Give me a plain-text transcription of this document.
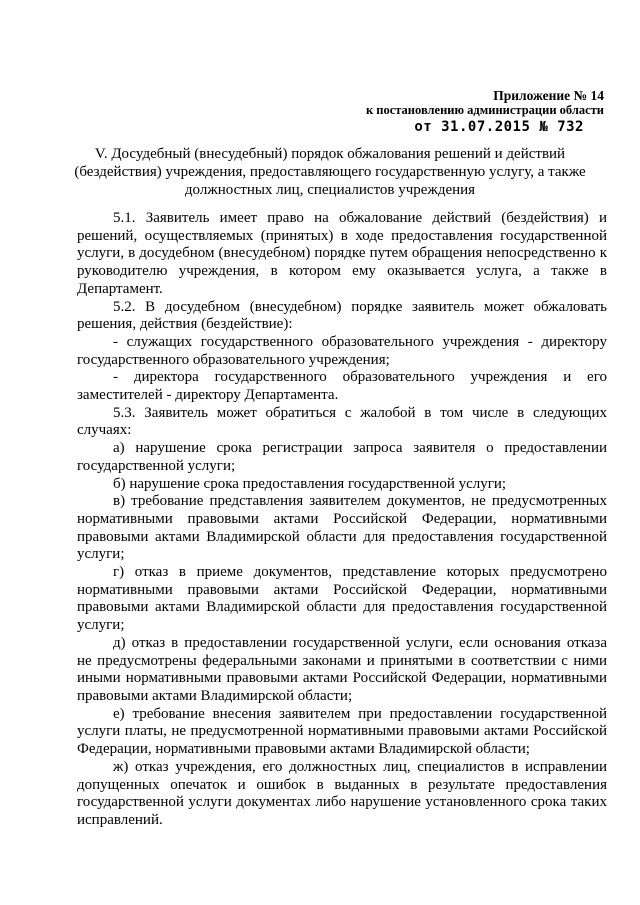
Приложение № 14
к постановлению администрации области
от 31.07.2015 № 732
V. Досудебный (внесудебный) порядок обжалования решений и действий (бездействия) учреждения, предоставляющего государственную услугу, а также должностных лиц, специалистов учреждения

5.1. Заявитель имеет право на обжалование действий (бездействия) и решений, осуществляемых (принятых) в ходе предоставления государственной услуги, в досудебном (внесудебном) порядке путем обращения непосредственно к руководителю учреждения, в котором ему оказывается услуга, а также в Департамент.

5.2. В досудебном (внесудебном) порядке заявитель может обжаловать решения, действия (бездействие):

- служащих государственного образовательного учреждения - директору государственного образовательного учреждения;

- директора государственного образовательного учреждения и его заместителей - директору Департамента.

5.3. Заявитель может обратиться с жалобой в том числе в следующих случаях:

а) нарушение срока регистрации запроса заявителя о предоставлении государственной услуги;

б) нарушение срока предоставления государственной услуги;

в) требование представления заявителем документов, не предусмотренных нормативными правовыми актами Российской Федерации, нормативными правовыми актами Владимирской области для предоставления государственной услуги;

г) отказ в приеме документов, представление которых предусмотрено нормативными правовыми актами Российской Федерации, нормативными правовыми актами Владимирской области для предоставления государственной услуги;

д) отказ в предоставлении государственной услуги, если основания отказа не предусмотрены федеральными законами и принятыми в соответствии с ними иными нормативными правовыми актами Российской Федерации, нормативными правовыми актами Владимирской области;

е) требование внесения заявителем при предоставлении государственной услуги платы, не предусмотренной нормативными правовыми актами Российской Федерации, нормативными правовыми актами Владимирской области;

ж) отказ учреждения, его должностных лиц, специалистов в исправлении допущенных опечаток и ошибок в выданных в результате предоставления государственной услуги документах либо нарушение установленного срока таких исправлений.
